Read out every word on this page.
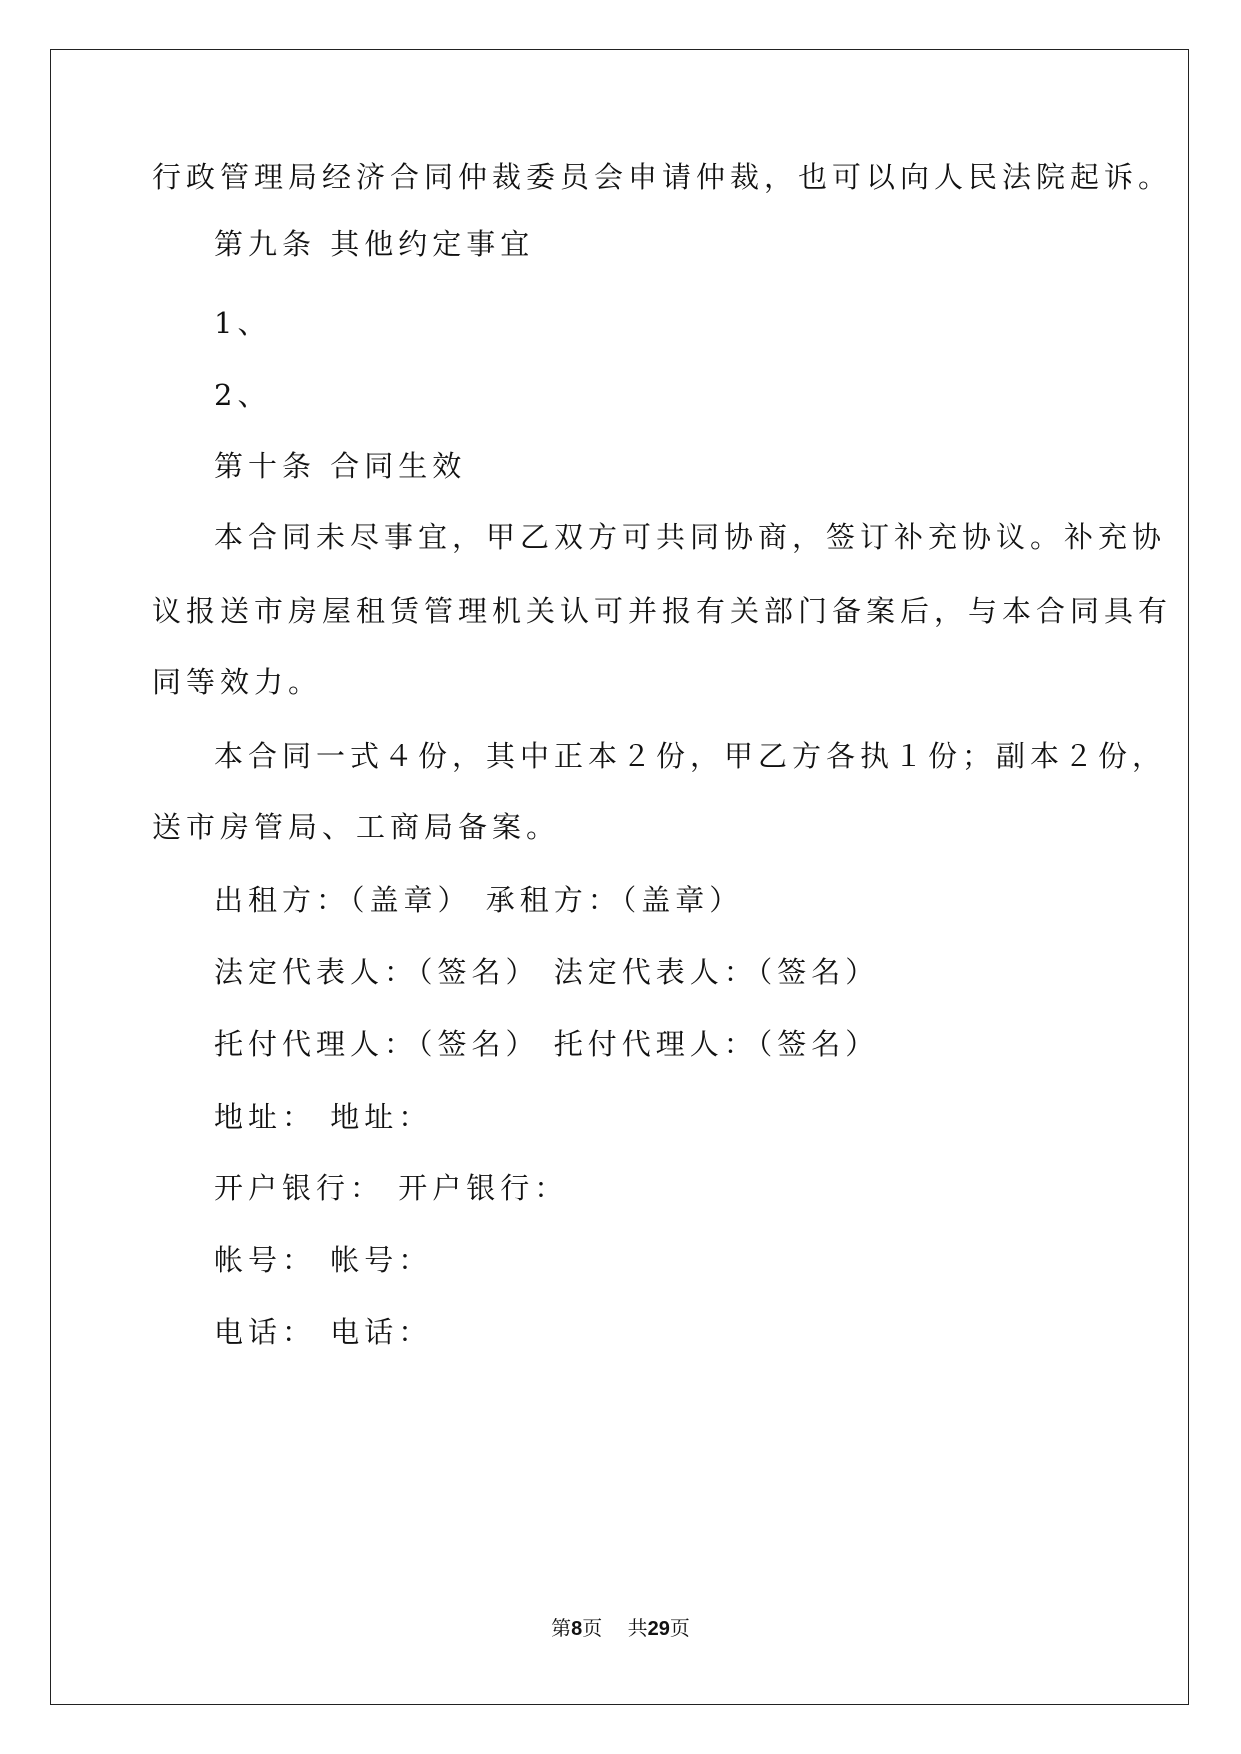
行政管理局经济合同仲裁委员会申请仲裁，也可以向人民法院起诉。
第九条 其他约定事宜
1、
2、
第十条 合同生效
本合同未尽事宜，甲乙双方可共同协商，签订补充协议。补充协
议报送市房屋租赁管理机关认可并报有关部门备案后，与本合同具有
同等效力。
本合同一式４份，其中正本２份，甲乙方各执１份；副本２份，
送市房管局、工商局备案。
出租方：（盖章） 承租方：（盖章）
法定代表人：（签名） 法定代表人：（签名）
托付代理人：（签名） 托付代理人：（签名）
地址： 地址：
开户银行： 开户银行：
帐号： 帐号：
电话： 电话：
第8页 共29页
